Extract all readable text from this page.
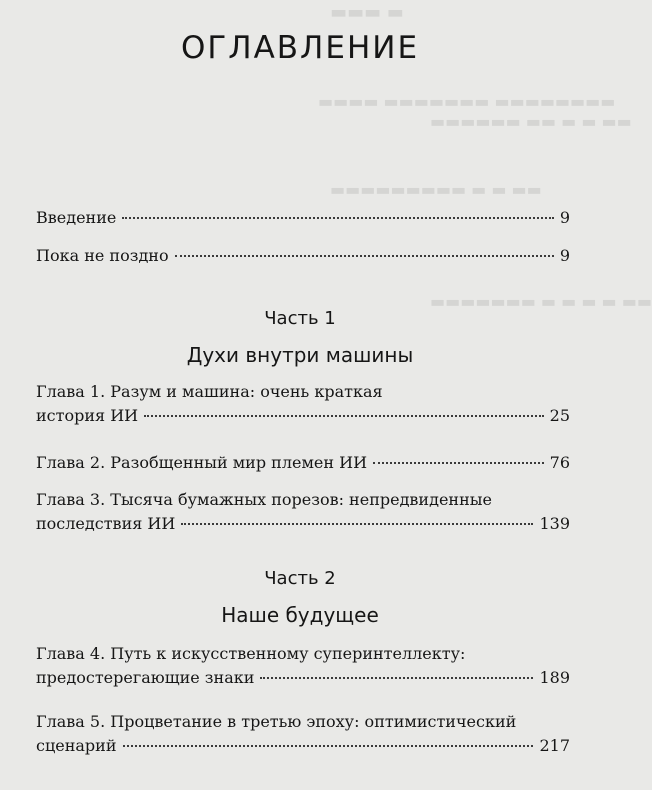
▬▬▬ ▬
▬▬▬▬ ▬▬▬▬▬▬▬ ▬▬▬▬▬▬▬▬
▬▬▬▬▬▬ ▬▬ ▬ ▬ ▬▬
▬▬▬▬▬▬▬▬▬ ▬ ▬ ▬▬
▬▬▬▬▬▬▬ ▬ ▬ ▬ ▬ ▬▬
ОГЛАВЛЕНИЕ
Введение	9
Пока не поздно	9
Часть 1
Духи внутри машины
Глава 1. Разум и машина: очень краткая
история ИИ	25
Глава 2. Разобщенный мир племен ИИ	76
Глава 3. Тысяча бумажных порезов: непредвиденные
последствия ИИ	139
Часть 2
Наше будущее
Глава 4. Путь к искусственному суперинтеллекту:
предостерегающие знаки	189
Глава 5. Процветание в третью эпоху: оптимистический
сценарий	217
